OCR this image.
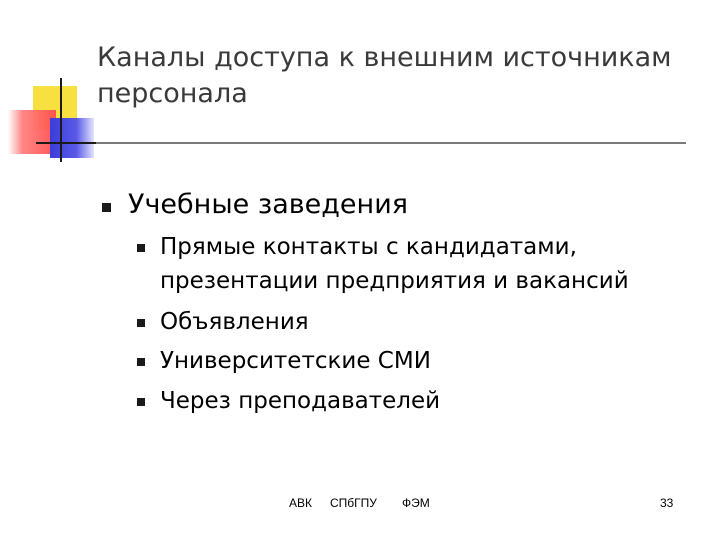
Каналы доступа к внешним источникам
персонала
Учебные заведения
Прямые контакты с кандидатами,
презентации предприятия и вакансий
Объявления
Университетские СМИ
Через преподавателей
АВК СПбГПУ ФЭМ	33
